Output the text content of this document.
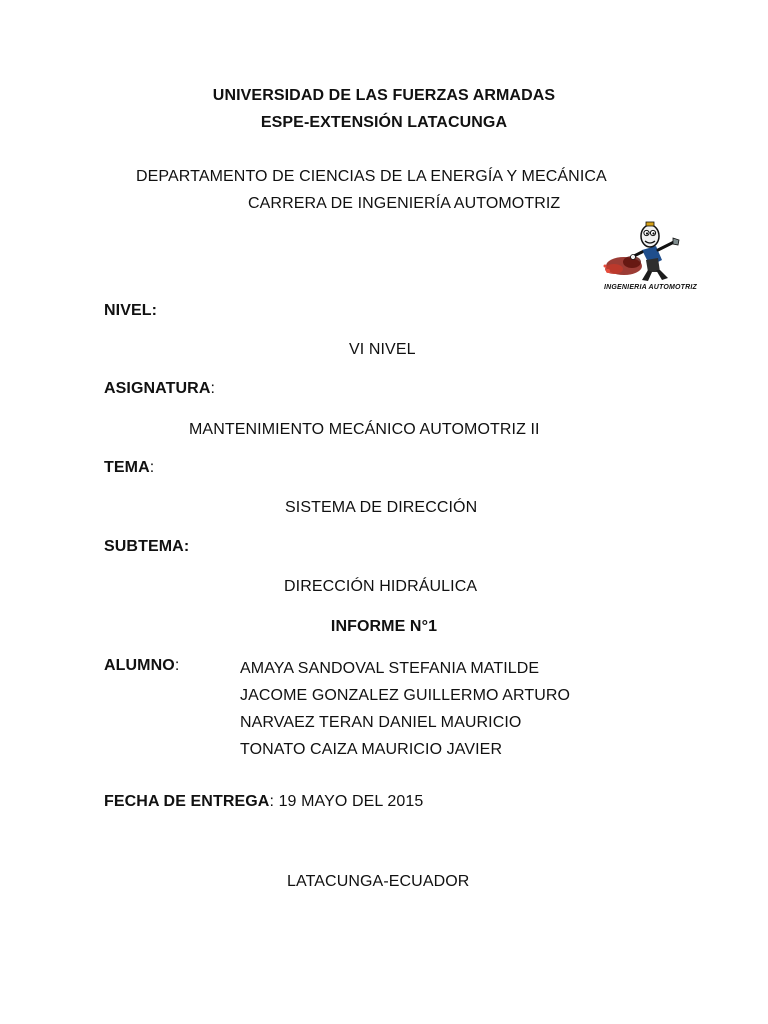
UNIVERSIDAD DE LAS FUERZAS ARMADAS
ESPE-EXTENSIÓN LATACUNGA
DEPARTAMENTO DE CIENCIAS DE LA ENERGÍA Y MECÁNICA
CARRERA DE INGENIERÍA AUTOMOTRIZ
INGENIERIA AUTOMOTRIZ
NIVEL:
VI NIVEL
ASIGNATURA:
MANTENIMIENTO MECÁNICO AUTOMOTRIZ II
TEMA:
SISTEMA DE DIRECCIÓN
SUBTEMA:
DIRECCIÓN HIDRÁULICA
INFORME N°1
ALUMNO:	AMAYA SANDOVAL STEFANIA MATILDE
JACOME GONZALEZ GUILLERMO ARTURO
NARVAEZ TERAN DANIEL MAURICIO
TONATO CAIZA MAURICIO JAVIER
FECHA DE ENTREGA: 19 MAYO DEL 2015
LATACUNGA-ECUADOR
